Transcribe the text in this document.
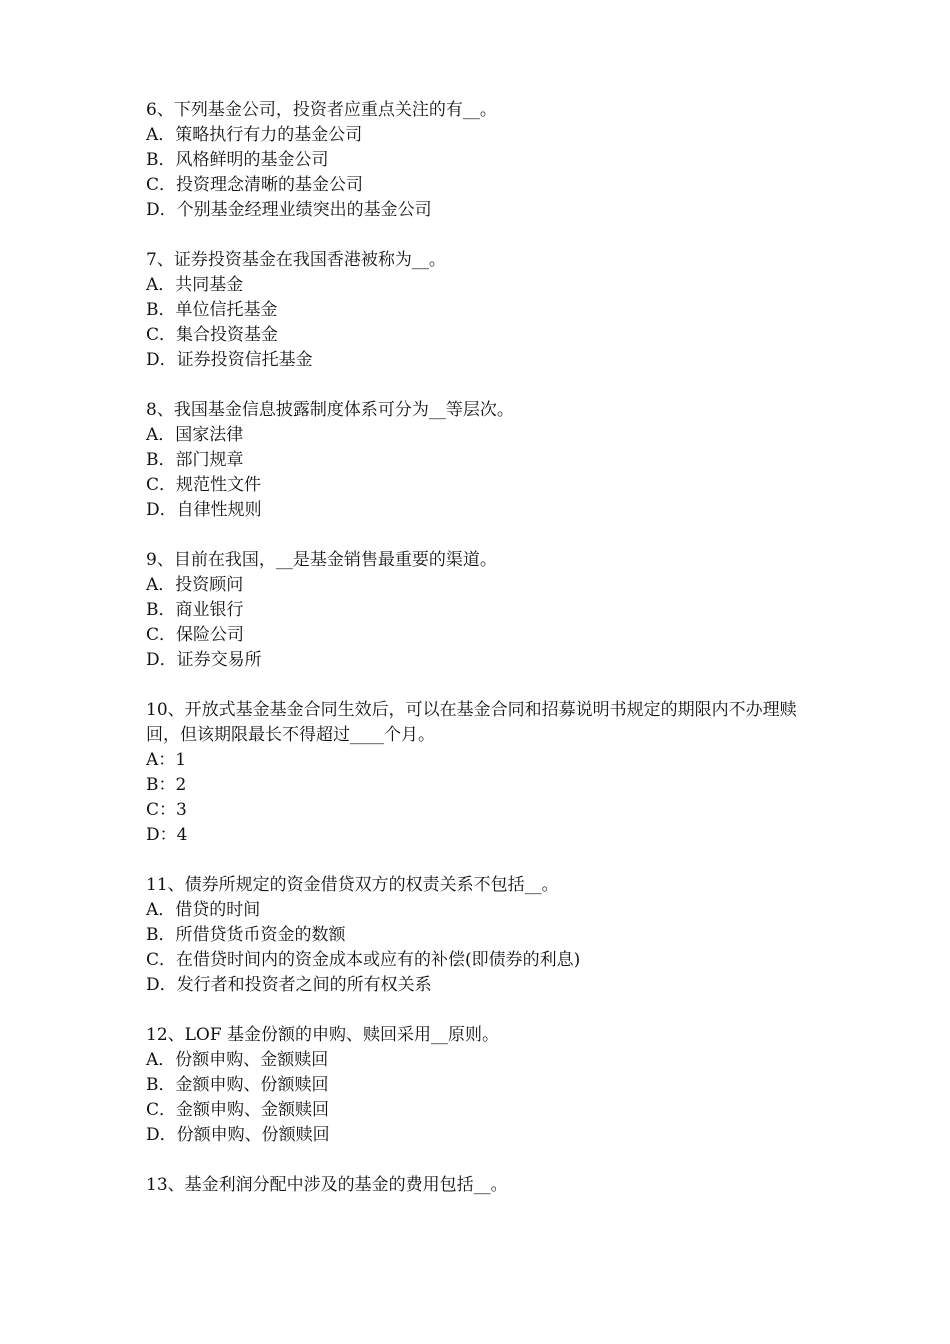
6、下列基金公司，投资者应重点关注的有__。

A．策略执行有力的基金公司

B．风格鲜明的基金公司

C．投资理念清晰的基金公司

D．个别基金经理业绩突出的基金公司

7、证券投资基金在我国香港被称为__。

A．共同基金

B．单位信托基金

C．集合投资基金

D．证券投资信托基金

8、我国基金信息披露制度体系可分为__等层次。

A．国家法律

B．部门规章

C．规范性文件

D．自律性规则

9、目前在我国，__是基金销售最重要的渠道。

A．投资顾问

B．商业银行

C．保险公司

D．证券交易所

10、开放式基金基金合同生效后，可以在基金合同和招募说明书规定的期限内不办理赎回，但该期限最长不得超过____个月。

A：1

B：2

C：3

D：4

11、债券所规定的资金借贷双方的权责关系不包括__。

A．借贷的时间

B．所借贷货币资金的数额

C．在借贷时间内的资金成本或应有的补偿(即债券的利息)

D．发行者和投资者之间的所有权关系

12、LOF 基金份额的申购、赎回采用__原则。

A．份额申购、金额赎回

B．金额申购、份额赎回

C．金额申购、金额赎回

D．份额申购、份额赎回

13、基金利润分配中涉及的基金的费用包括__。
